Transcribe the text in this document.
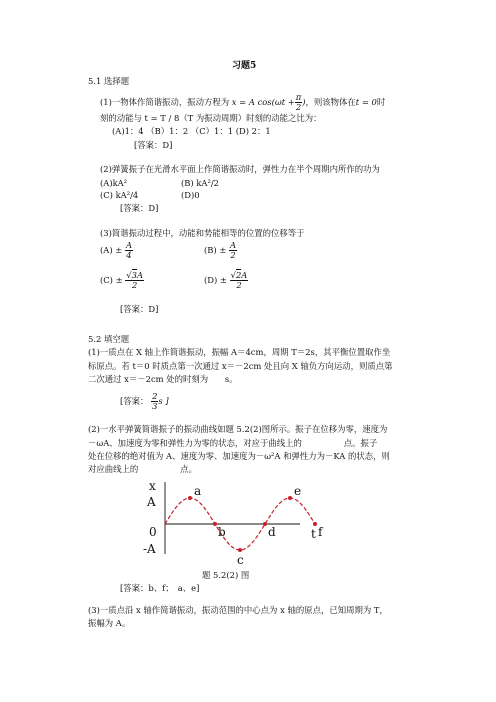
习题5
5.1 选择题
(1)一物体作简谐振动，振动方程为 x = A $\cos(\omega t + \frac{\pi}{2}$ )，则该物体在t = 0时
刻的动能与 t = T / 8（T 为振动周期）时刻的动能之比为：
(A)1：4 （B）1：2 （C）1：1 (D) 2：1
[答案：D]
(2)弹簧振子在光滑水平面上作简谐振动时，弹性力在半个周期内所作的功为
(A)kA²	(B) kA²/2
(C) kA²/4	(D)0
[答案：D]
(3)简谐振动过程中，动能和势能相等的位置的位移等于
$(A) \pm \frac{A}{4}$	$(B) \pm \frac{A}{2}$
$(C) \pm \frac{√3A}{2}$	$(D) \pm \frac{√2A}{2}$
[答案：D]
5.2 填空题
(1)一质点在 X 轴上作简谐振动，振幅 A＝4cm，周期 T＝2s，其平衡位置取作坐
标原点。若 t＝0 时质点第一次通过 x＝－2cm 处且向 X 轴负方向运动，则质点第
二次通过 x＝－2cm 处的时刻为　　s。
[答案： $\frac{2}{3}$ s ]
(2)一水平弹簧简谐振子的振动曲线如题 5.2(2)图所示。振子在位移为零，速度为
－ωA、加速度为零和弹性力为零的状态，对应于曲线上的　　　　　点。振子
处在位移的绝对值为 A、速度为零、加速度为－ω²A 和弹性力为－KA 的状态，则
对应曲线上的　　　　　点。
x
A
0
-A
t
a
b
c
d
e
f
题 5.2(2) 图
[答案：b、f；　a、e]
(3)一质点沿 x 轴作简谐振动，振动范围的中心点为 x 轴的原点，已知周期为 T，
振幅为 A。
